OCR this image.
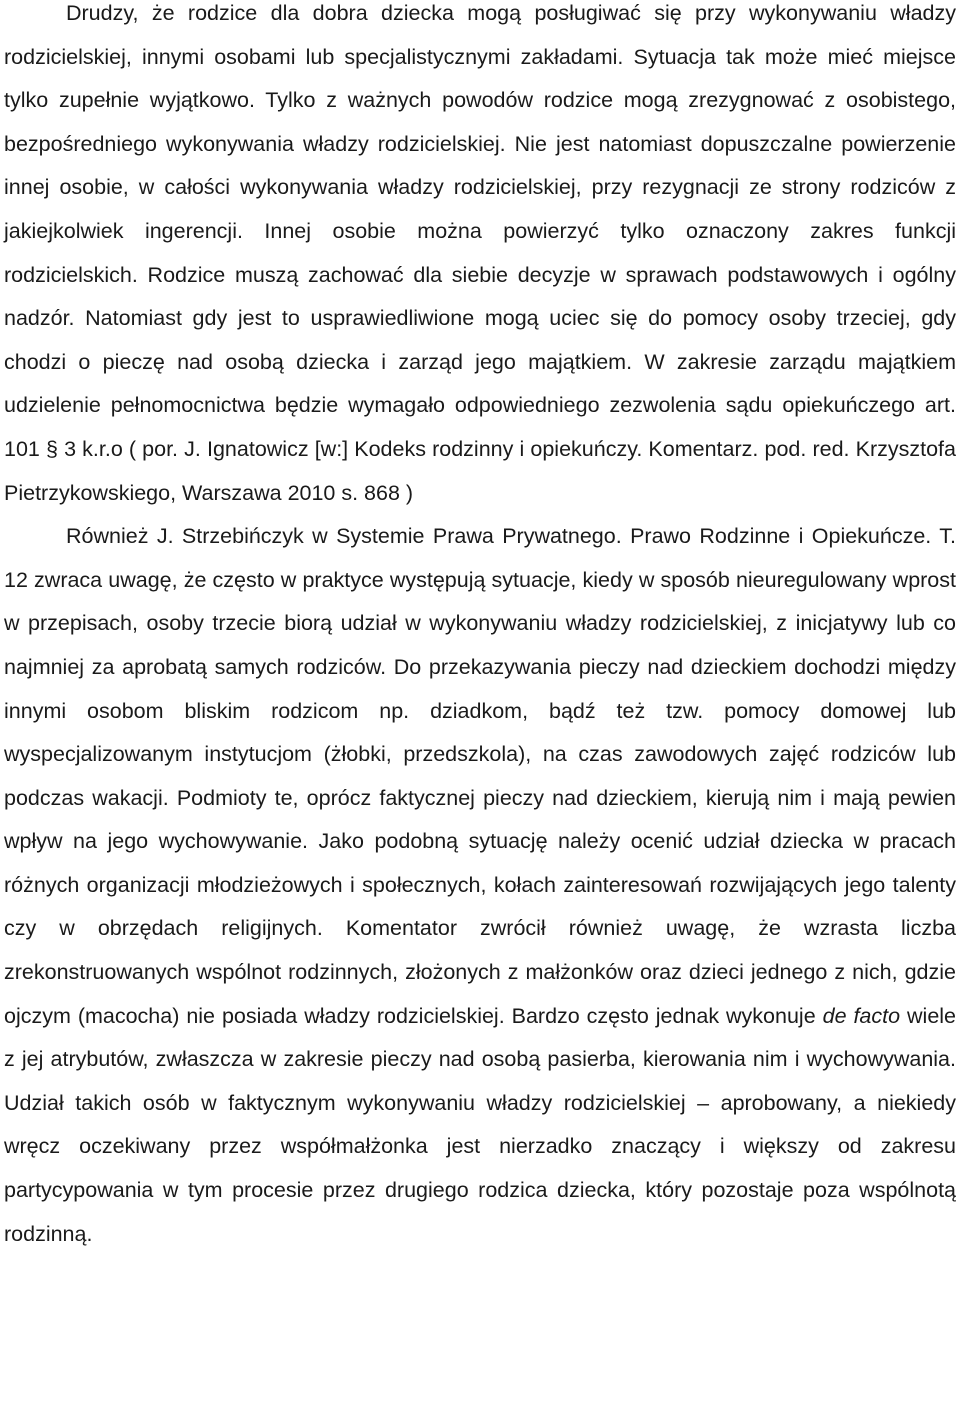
Drudzy, że rodzice dla dobra dziecka mogą posługiwać się przy wykonywaniu władzy rodzicielskiej, innymi osobami lub specjalistycznymi zakładami. Sytuacja tak może mieć miejsce tylko zupełnie wyjątkowo. Tylko z ważnych powodów rodzice mogą zrezygnować z osobistego, bezpośredniego wykonywania władzy rodzicielskiej. Nie jest natomiast dopuszczalne powierzenie innej osobie, w całości wykonywania władzy rodzicielskiej, przy rezygnacji ze strony rodziców z jakiejkolwiek ingerencji. Innej osobie można powierzyć tylko oznaczony zakres funkcji rodzicielskich. Rodzice muszą zachować dla siebie decyzje w sprawach podstawowych i ogólny nadzór. Natomiast gdy jest to usprawiedliwione mogą uciec się do pomocy osoby trzeciej, gdy chodzi o pieczę nad osobą dziecka i zarząd jego majątkiem. W zakresie zarządu majątkiem udzielenie pełnomocnictwa będzie wymagało odpowiedniego zezwolenia sądu opiekuńczego art. 101 § 3 k.r.o ( por. J. Ignatowicz [w:] Kodeks rodzinny i opiekuńczy. Komentarz. pod. red. Krzysztofa Pietrzykowskiego, Warszawa 2010 s. 868 )

Również J. Strzebińczyk w Systemie Prawa Prywatnego. Prawo Rodzinne i Opiekuńcze. T. 12 zwraca uwagę, że często w praktyce występują sytuacje, kiedy w sposób nieuregulowany wprost w przepisach, osoby trzecie biorą udział w wykonywaniu władzy rodzicielskiej, z inicjatywy lub co najmniej za aprobatą samych rodziców. Do przekazywania pieczy nad dzieckiem dochodzi między innymi osobom bliskim rodzicom np. dziadkom, bądź też tzw. pomocy domowej lub wyspecjalizowanym instytucjom (żłobki, przedszkola), na czas zawodowych zajęć rodziców lub podczas wakacji. Podmioty te, oprócz faktycznej pieczy nad dzieckiem, kierują nim i mają pewien wpływ na jego wychowywanie. Jako podobną sytuację należy ocenić udział dziecka w pracach różnych organizacji młodzieżowych i społecznych, kołach zainteresowań rozwijających jego talenty czy w obrzędach religijnych. Komentator zwrócił również uwagę, że wzrasta liczba zrekonstruowanych wspólnot rodzinnych, złożonych z małżonków oraz dzieci jednego z nich, gdzie ojczym (macocha) nie posiada władzy rodzicielskiej. Bardzo często jednak wykonuje de facto wiele z jej atrybutów, zwłaszcza w zakresie pieczy nad osobą pasierba, kierowania nim i wychowywania. Udział takich osób w faktycznym wykonywaniu władzy rodzicielskiej – aprobowany, a niekiedy wręcz oczekiwany przez współmałżonka jest nierzadko znaczący i większy od zakresu partycypowania w tym procesie przez drugiego rodzica dziecka, który pozostaje poza wspólnotą rodzinną.
